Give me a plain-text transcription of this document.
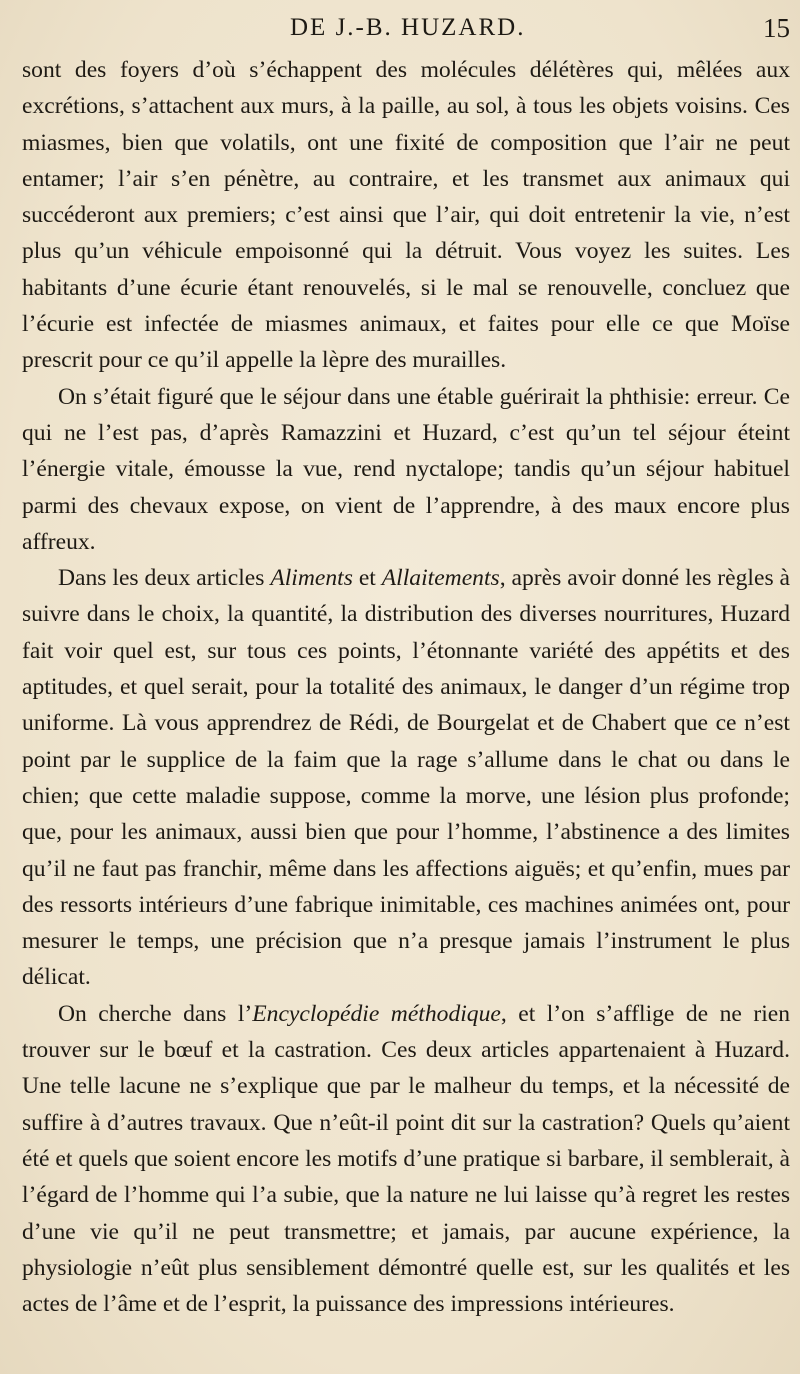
DE J.-B. HUZARD.	15

sont des foyers d’où s’échappent des molécules délétères qui, mêlées aux excrétions, s’attachent aux murs, à la paille, au sol, à tous les objets voisins. Ces miasmes, bien que volatils, ont une fixité de composition que l’air ne peut entamer; l’air s’en pénètre, au contraire, et les transmet aux animaux qui succéderont aux premiers; c’est ainsi que l’air, qui doit entretenir la vie, n’est plus qu’un véhicule empoisonné qui la détruit. Vous voyez les suites. Les habitants d’une écurie étant renouvelés, si le mal se renouvelle, concluez que l’écurie est infectée de miasmes animaux, et faites pour elle ce que Moïse prescrit pour ce qu’il appelle la lèpre des murailles.

On s’était figuré que le séjour dans une étable guérirait la phthisie: erreur. Ce qui ne l’est pas, d’après Ramazzini et Huzard, c’est qu’un tel séjour éteint l’énergie vitale, émousse la vue, rend nyctalope; tandis qu’un séjour habituel parmi des chevaux expose, on vient de l’apprendre, à des maux encore plus affreux.

Dans les deux articles Aliments et Allaitements, après avoir donné les règles à suivre dans le choix, la quantité, la distribution des diverses nourritures, Huzard fait voir quel est, sur tous ces points, l’étonnante variété des appétits et des aptitudes, et quel serait, pour la totalité des animaux, le danger d’un régime trop uniforme. Là vous apprendrez de Rédi, de Bourgelat et de Chabert que ce n’est point par le supplice de la faim que la rage s’allume dans le chat ou dans le chien; que cette maladie suppose, comme la morve, une lésion plus profonde; que, pour les animaux, aussi bien que pour l’homme, l’abstinence a des limites qu’il ne faut pas franchir, même dans les affections aiguës; et qu’enfin, mues par des ressorts intérieurs d’une fabrique inimitable, ces machines animées ont, pour mesurer le temps, une précision que n’a presque jamais l’instrument le plus délicat.

On cherche dans l’Encyclopédie méthodique, et l’on s’afflige de ne rien trouver sur le bœuf et la castration. Ces deux articles appartenaient à Huzard. Une telle lacune ne s’explique que par le malheur du temps, et la nécessité de suffire à d’autres travaux. Que n’eût-il point dit sur la castration? Quels qu’aient été et quels que soient encore les motifs d’une pratique si barbare, il semblerait, à l’égard de l’homme qui l’a subie, que la nature ne lui laisse qu’à regret les restes d’une vie qu’il ne peut transmettre; et jamais, par aucune expérience, la physiologie n’eût plus sensiblement démontré quelle est, sur les qualités et les actes de l’âme et de l’esprit, la puissance des impressions intérieures.
